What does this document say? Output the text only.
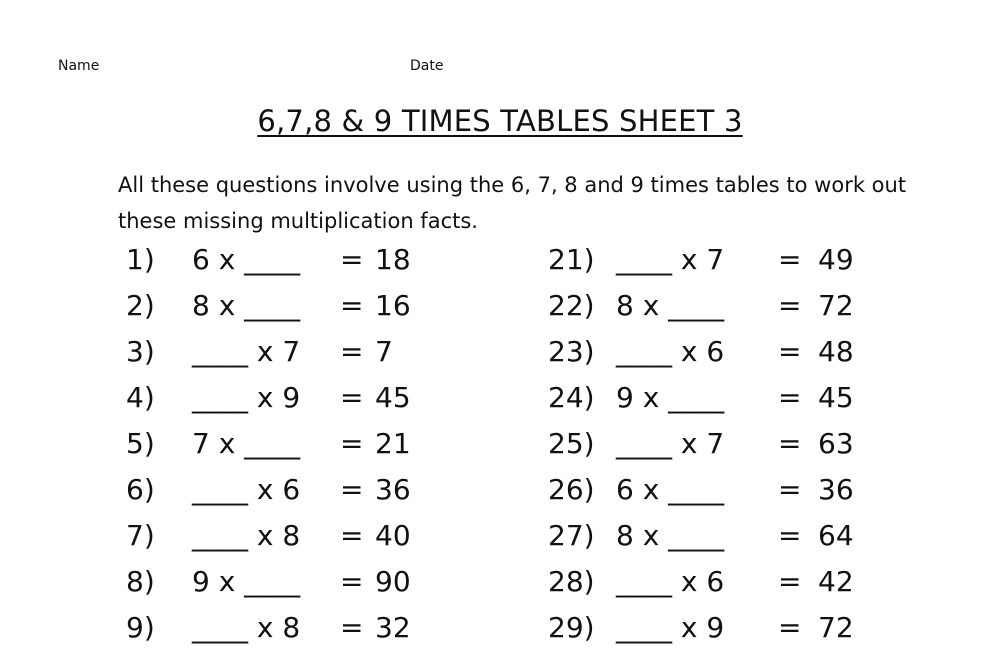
Name	Date
6,7,8 & 9 TIMES TABLES SHEET 3
All these questions involve using the 6, 7, 8 and 9 times tables to work out these missing multiplication facts.
1) 6 x ____ = 18
2) 8 x ____ = 16
3) ____ x 7 = 7
4) ____ x 9 = 45
5) 7 x ____ = 21
6) ____ x 6 = 36
7) ____ x 8 = 40
8) 9 x ____ = 90
9) ____ x 8 = 32
21) ____ x 7 = 49
22) 8 x ____ = 72
23) ____ x 6 = 48
24) 9 x ____ = 45
25) ____ x 7 = 63
26) 6 x ____ = 36
27) 8 x ____ = 64
28) ____ x 6 = 42
29) ____ x 9 = 72
